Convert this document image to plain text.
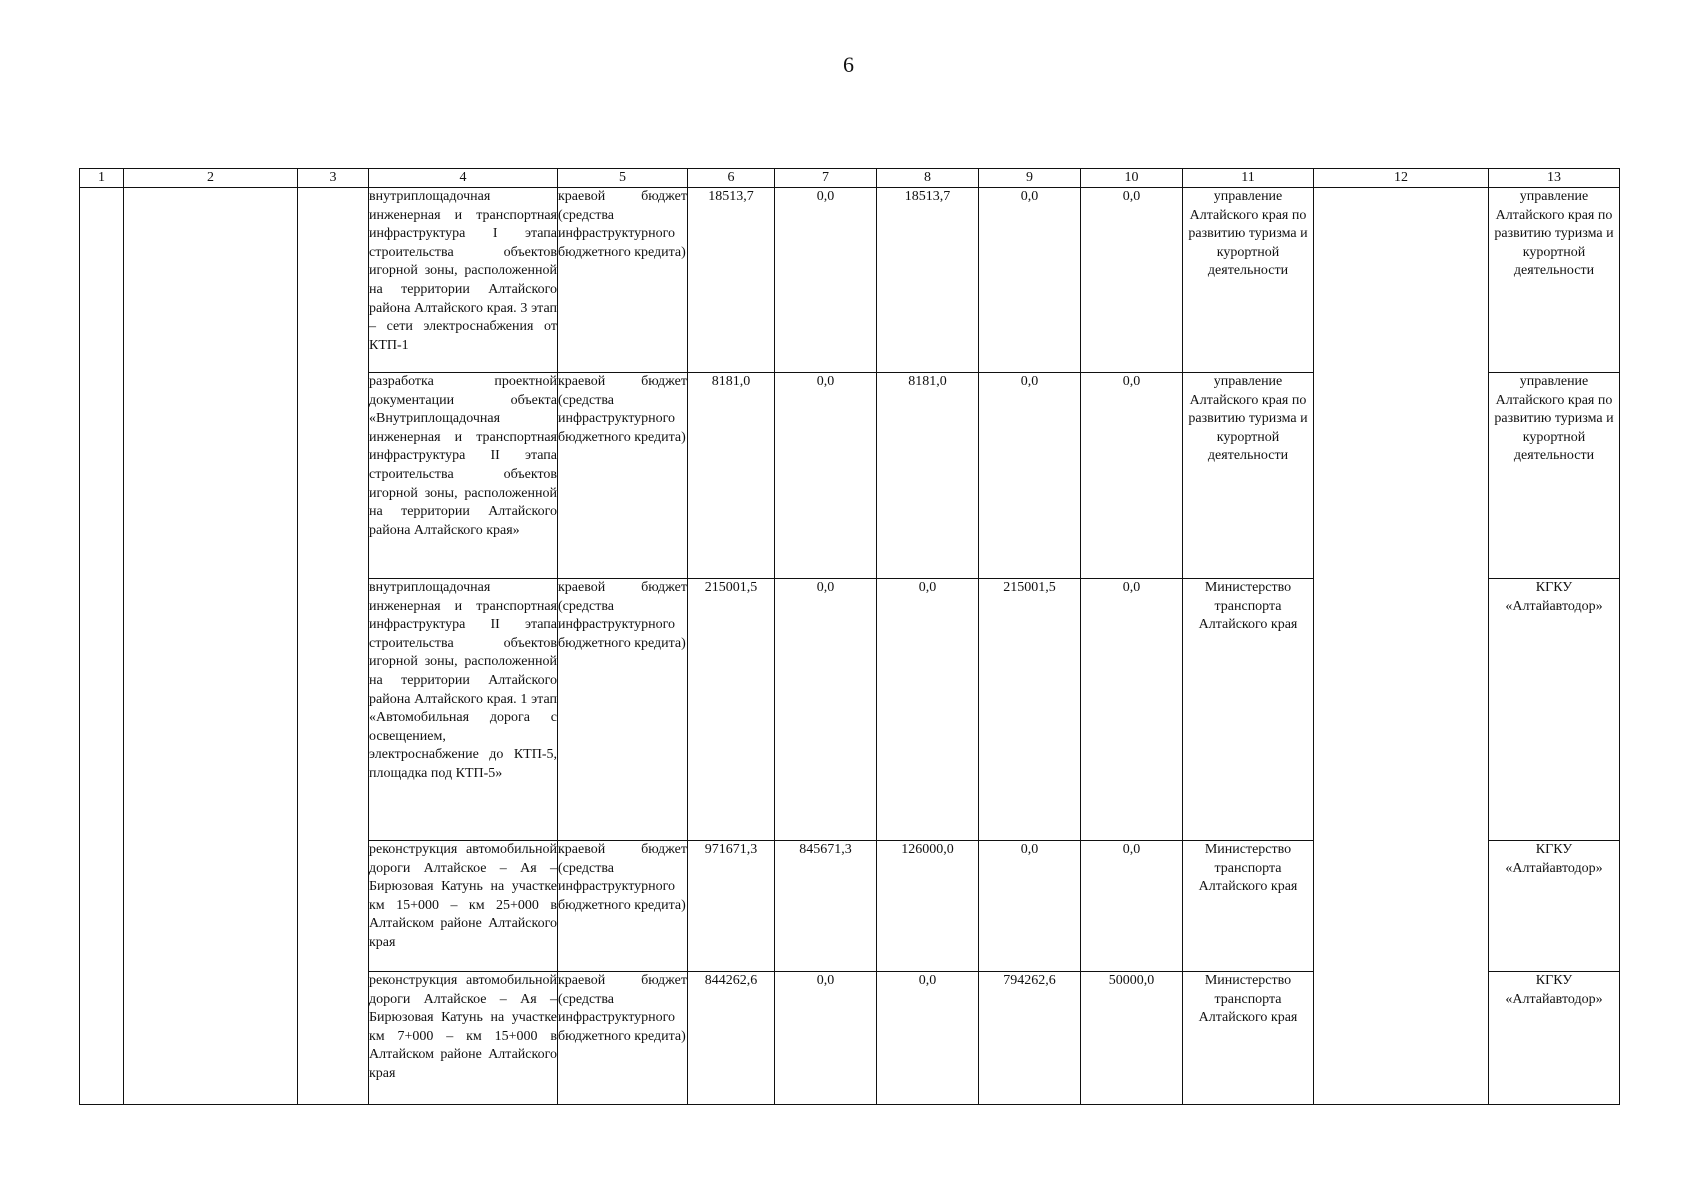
6
1	2	3	4	5	6	7	8	9	10	11	12	13
			внутриплощадочная инженерная и транспортная инфраструктура I этапа строительства объектов игорной зоны, расположенной на территории Алтайского района Алтайского края. 3 этап – сети электроснабжения от КТП-1	краевой бюджет (средства инфраструктурного бюджетного кредита)	18513,7	0,0	18513,7	0,0	0,0	управление Алтайского края по развитию туризма и курортной деятельности		управление Алтайского края по развитию туризма и курортной деятельности
			разработка проектной документации объекта «Внутриплощадочная инженерная и транспортная инфраструктура II этапа строительства объектов игорной зоны, расположенной на территории Алтайского района Алтайского края»	краевой бюджет (средства инфраструктурного бюджетного кредита)	8181,0	0,0	8181,0	0,0	0,0	управление Алтайского края по развитию туризма и курортной деятельности		управление Алтайского края по развитию туризма и курортной деятельности
			внутриплощадочная инженерная и транспортная инфраструктура II этапа строительства объектов игорной зоны, расположенной на территории Алтайского района Алтайского края. 1 этап «Автомобильная дорога с освещением, электроснабжение до КТП-5, площадка под КТП-5»	краевой бюджет (средства инфраструктурного бюджетного кредита)	215001,5	0,0	0,0	215001,5	0,0	Министерство транспорта Алтайского края		КГКУ «Алтайавтодор»
			реконструкция автомобильной дороги Алтайское – Ая – Бирюзовая Катунь на участке км 15+000 – км 25+000 в Алтайском районе Алтайского края	краевой бюджет (средства инфраструктурного бюджетного кредита)	971671,3	845671,3	126000,0	0,0	0,0	Министерство транспорта Алтайского края		КГКУ «Алтайавтодор»
			реконструкция автомобильной дороги Алтайское – Ая – Бирюзовая Катунь на участке км 7+000 – км 15+000 в Алтайском районе Алтайского края	краевой бюджет (средства инфраструктурного бюджетного кредита)	844262,6	0,0	0,0	794262,6	50000,0	Министерство транспорта Алтайского края		КГКУ «Алтайавтодор»
